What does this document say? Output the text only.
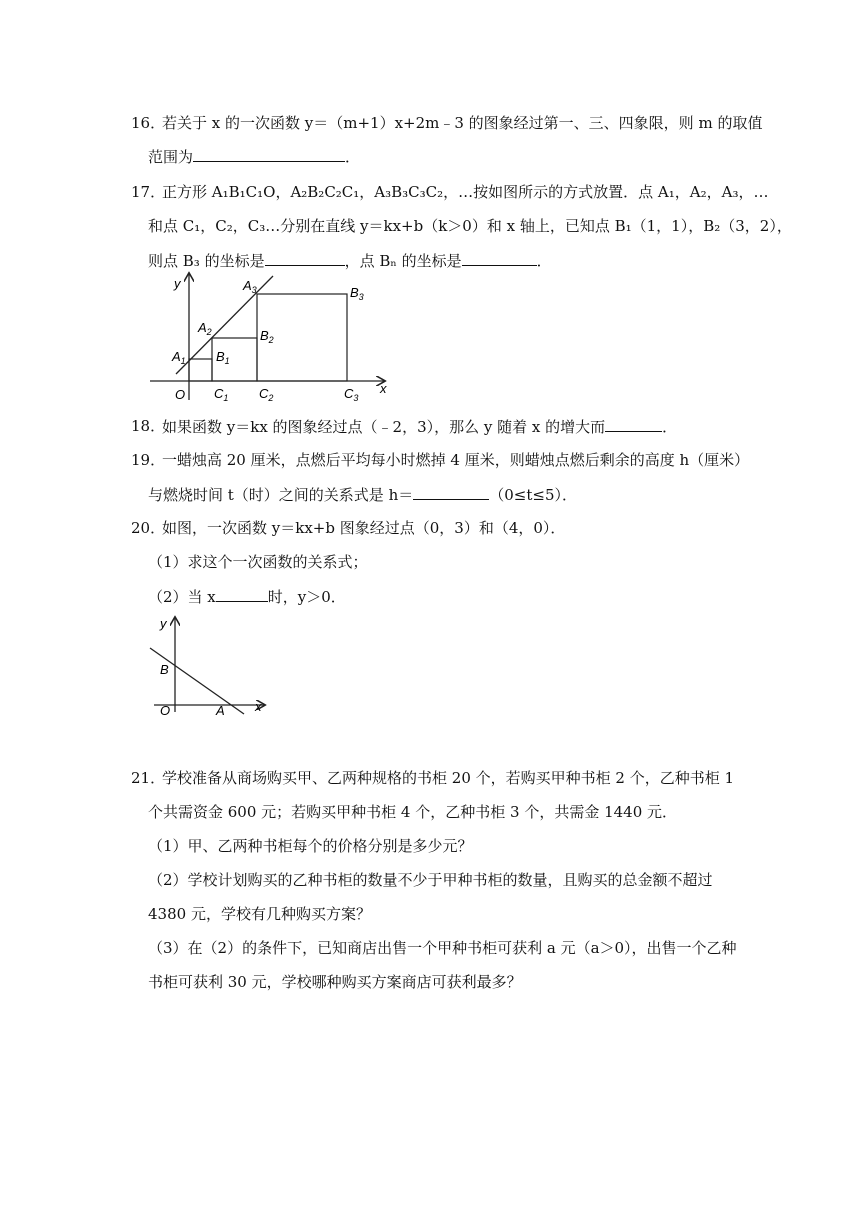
16．
若关于 x 的一次函数 y＝（m+1）x+2m﹣3 的图象经过第一、三、四象限，则 m 的取值
范围为	．
17．
正方形 A₁B₁C₁O，A₂B₂C₂C₁，A₃B₃C₃C₂，…按如图所示的方式放置．点 A₁，A₂，A₃，…
和点 C₁，C₂，C₃…分别在直线 y＝kx+b（k＞0）和 x 轴上，已知点 B₁（1，1），B₂（3，2），
则点 B₃ 的坐标是	，点 Bₙ 的坐标是	．
y
x
O
$A_1$
$A_2$
$A_3$
$B_1$
$B_2$
$B_3$
$C_1$ $C_2$	$C_3$
18．
如果函数 y＝kx 的图象经过点（﹣2，3），那么 y 随着 x 的增大而	．
19．
一蜡烛高 20 厘米，点燃后平均每小时燃掉 4 厘米，则蜡烛点燃后剩余的高度 h（厘米）
与燃烧时间 t（时）之间的关系式是 h＝	（0≤t≤5）．
20．
如图，一次函数 y＝kx+b 图象经过点（0，3）和（4，0）．
（1）求这个一次函数的关系式；
（2）当 x	时，y＞0．
y
x
O	A
B
21．
学校准备从商场购买甲、乙两种规格的书柜 20 个，若购买甲种书柜 2 个，乙种书柜 1
个共需资金 600 元；若购买甲种书柜 4 个，乙种书柜 3 个，共需金 1440 元．
（1）甲、乙两种书柜每个的价格分别是多少元？
（2）学校计划购买的乙种书柜的数量不少于甲种书柜的数量，且购买的总金额不超过
4380 元，学校有几种购买方案？
（3）在（2）的条件下，已知商店出售一个甲种书柜可获利 a 元（a＞0），出售一个乙种
书柜可获利 30 元，学校哪种购买方案商店可获利最多？
